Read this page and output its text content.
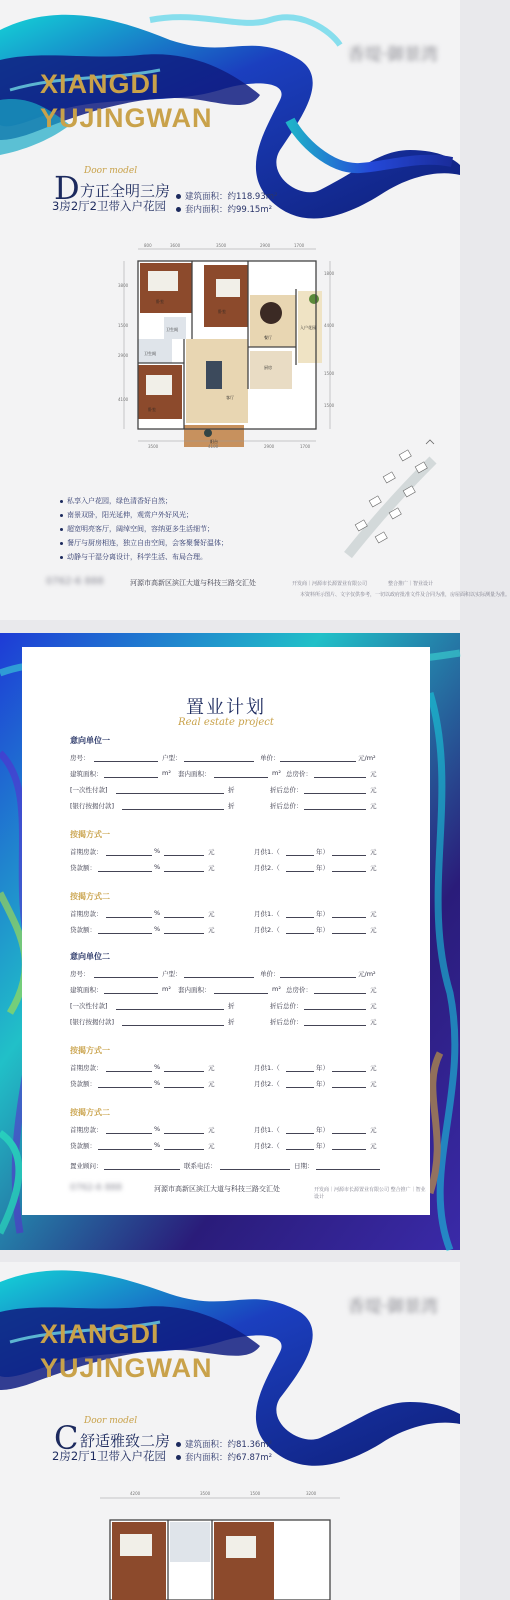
XIANGDI
YUJINGWAN
香堤·御景湾
D Door model
方正全明三房
3房2厅2卫带入户花园
建筑面积：约118.93m²
套内面积：约99.15m²
800	3600	3500	2900	1700
3500	4100	2900	1700
3800
1500
2900
4100
1800
4400
1500
1500
卧室
卧室
卫生间
卫生间
卧室
客厅
餐厅
厨房
入户花园
阳台
私享入户花园，绿色清香好自然；
南景双卧，阳光延伸，观赏户外好风光；
超宽明亮客厅，阔绰空间，容纳更多生活细节；
餐厅与厨房相连，独立自由空间，会客聚餐好温体；
动静与干湿分离设计，科学生活、布局合理。
0762-6 888	河源市高新区滨江大道与科技三路交汇处	开发商｜河源市长源置业有限公司	整合推广｜智业设计
本资料所示图片、文字仅供参考，一切以政府批准文件及合同为准，房屋面积以实际测量为准。
置业计划
Real estate project
意向单位一
房号：	户型：	单价：	元/m²
建筑面积：	m² 套内面积：	m² 总房价：	元
[一次性付款]	折	折后总价：	元
[银行按揭付款]	折	折后总价：	元
按揭方式一
首期房款：	%	元	月供1.（	年）	元
贷款额：	%	元	月供2.（	年）	元
按揭方式二
首期房款：	%	元	月供1.（	年）	元
贷款额：	%	元	月供2.（	年）	元
意向单位二
房号：	户型：	单价：	元/m²
建筑面积：	m² 套内面积：	m² 总房价：	元
[一次性付款]	折	折后总价：	元
[银行按揭付款]	折	折后总价：	元
按揭方式一
首期房款：	%	元	月供1.（	年）	元
贷款额：	%	元	月供2.（	年）	元
按揭方式二
首期房款：	%	元	月供1.（	年）	元
贷款额：	%	元	月供2.（	年）	元
置业顾问：	联系电话：	日期：
0762-6 888	河源市高新区滨江大道与科技三路交汇处	开发商｜河源市长源置业有限公司 整合推广｜智业设计
XIANGDI
YUJINGWAN
香堤·御景湾
C Door model
舒适雅致二房
2房2厅1卫带入户花园
建筑面积：约81.36m²
套内面积：约67.87m²
4200	3500	1500	3200
